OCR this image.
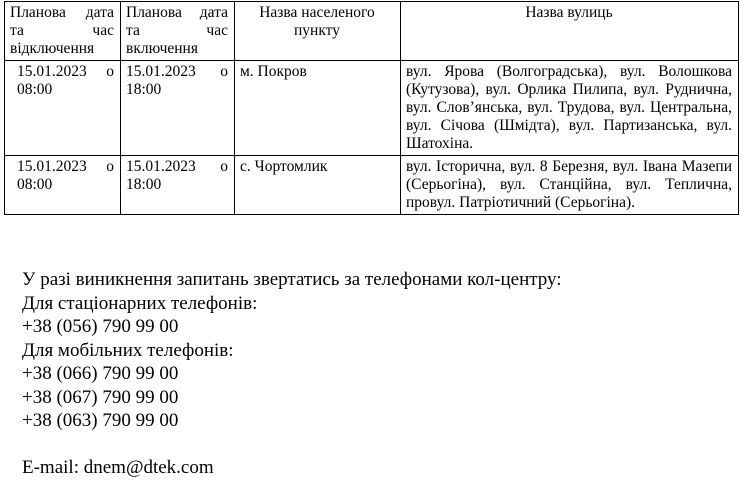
Планова дата та час відключення	Планова дата та час включення	Назва населеного пункту	Назва вулиць
15.01.2023 о 08:00	15.01.2023 о 18:00	м. Покров	вул. Ярова (Волгоградська), вул. Волошкова (Кутузова), вул. Орлика Пилипа, вул. Руднична, вул. Слов’янська, вул. Трудова, вул. Центральна, вул. Січова (Шмідта), вул. Партизанська, вул. Шатохіна.
15.01.2023 о 08:00	15.01.2023 о 18:00	с. Чортомлик	вул. Історична, вул. 8 Березня, вул. Івана Мазепи (Серьогіна), вул. Станційна, вул. Теплична, провул. Патріотичний (Серьогіна).
У разі виникнення запитань звертатись за телефонами кол-центру:
Для стаціонарних телефонів:
+38 (056) 790 99 00
Для мобільних телефонів:
+38 (066) 790 99 00
+38 (067) 790 99 00
+38 (063) 790 99 00
E-mail: dnem@dtek.com
